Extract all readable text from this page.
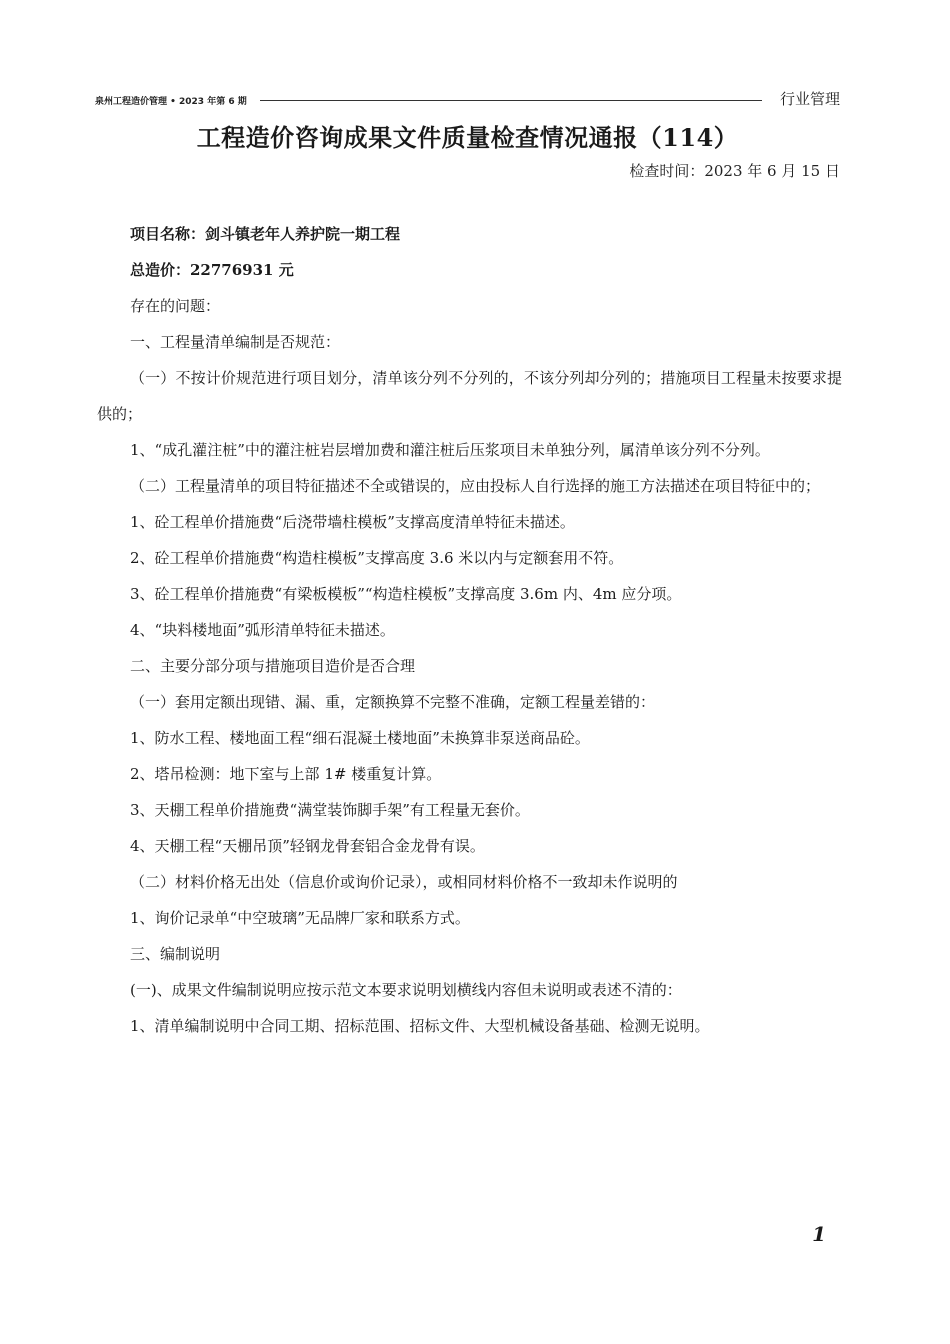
泉州工程造价管理 • 2023 年第 6 期	行业管理
工程造价咨询成果文件质量检查情况通报（114）
检查时间：2023 年 6 月 15 日

项目名称：剑斗镇老年人养护院一期工程

总造价：22776931 元

存在的问题：

一、工程量清单编制是否规范：

（一）不按计价规范进行项目划分，清单该分列不分列的，不该分列却分列的；措施项目工程量未按要求提供的；

1、“成孔灌注桩”中的灌注桩岩层增加费和灌注桩后压浆项目未单独分列，属清单该分列不分列。

（二）工程量清单的项目特征描述不全或错误的，应由投标人自行选择的施工方法描述在项目特征中的；

1、砼工程单价措施费“后浇带墙柱模板”支撑高度清单特征未描述。

2、砼工程单价措施费“构造柱模板”支撑高度 3.6 米以内与定额套用不符。

3、砼工程单价措施费“有梁板模板”“构造柱模板”支撑高度 3.6m 内、4m 应分项。

4、“块料楼地面”弧形清单特征未描述。

二、主要分部分项与措施项目造价是否合理

（一）套用定额出现错、漏、重，定额换算不完整不准确，定额工程量差错的：

1、防水工程、楼地面工程“细石混凝土楼地面”未换算非泵送商品砼。

2、塔吊检测：地下室与上部 1# 楼重复计算。

3、天棚工程单价措施费“满堂装饰脚手架”有工程量无套价。

4、天棚工程“天棚吊顶”轻钢龙骨套铝合金龙骨有误。

（二）材料价格无出处（信息价或询价记录），或相同材料价格不一致却未作说明的

1、询价记录单“中空玻璃”无品牌厂家和联系方式。

三、编制说明

(一)、成果文件编制说明应按示范文本要求说明划横线内容但未说明或表述不清的：

1、清单编制说明中合同工期、招标范围、招标文件、大型机械设备基础、检测无说明。

1
